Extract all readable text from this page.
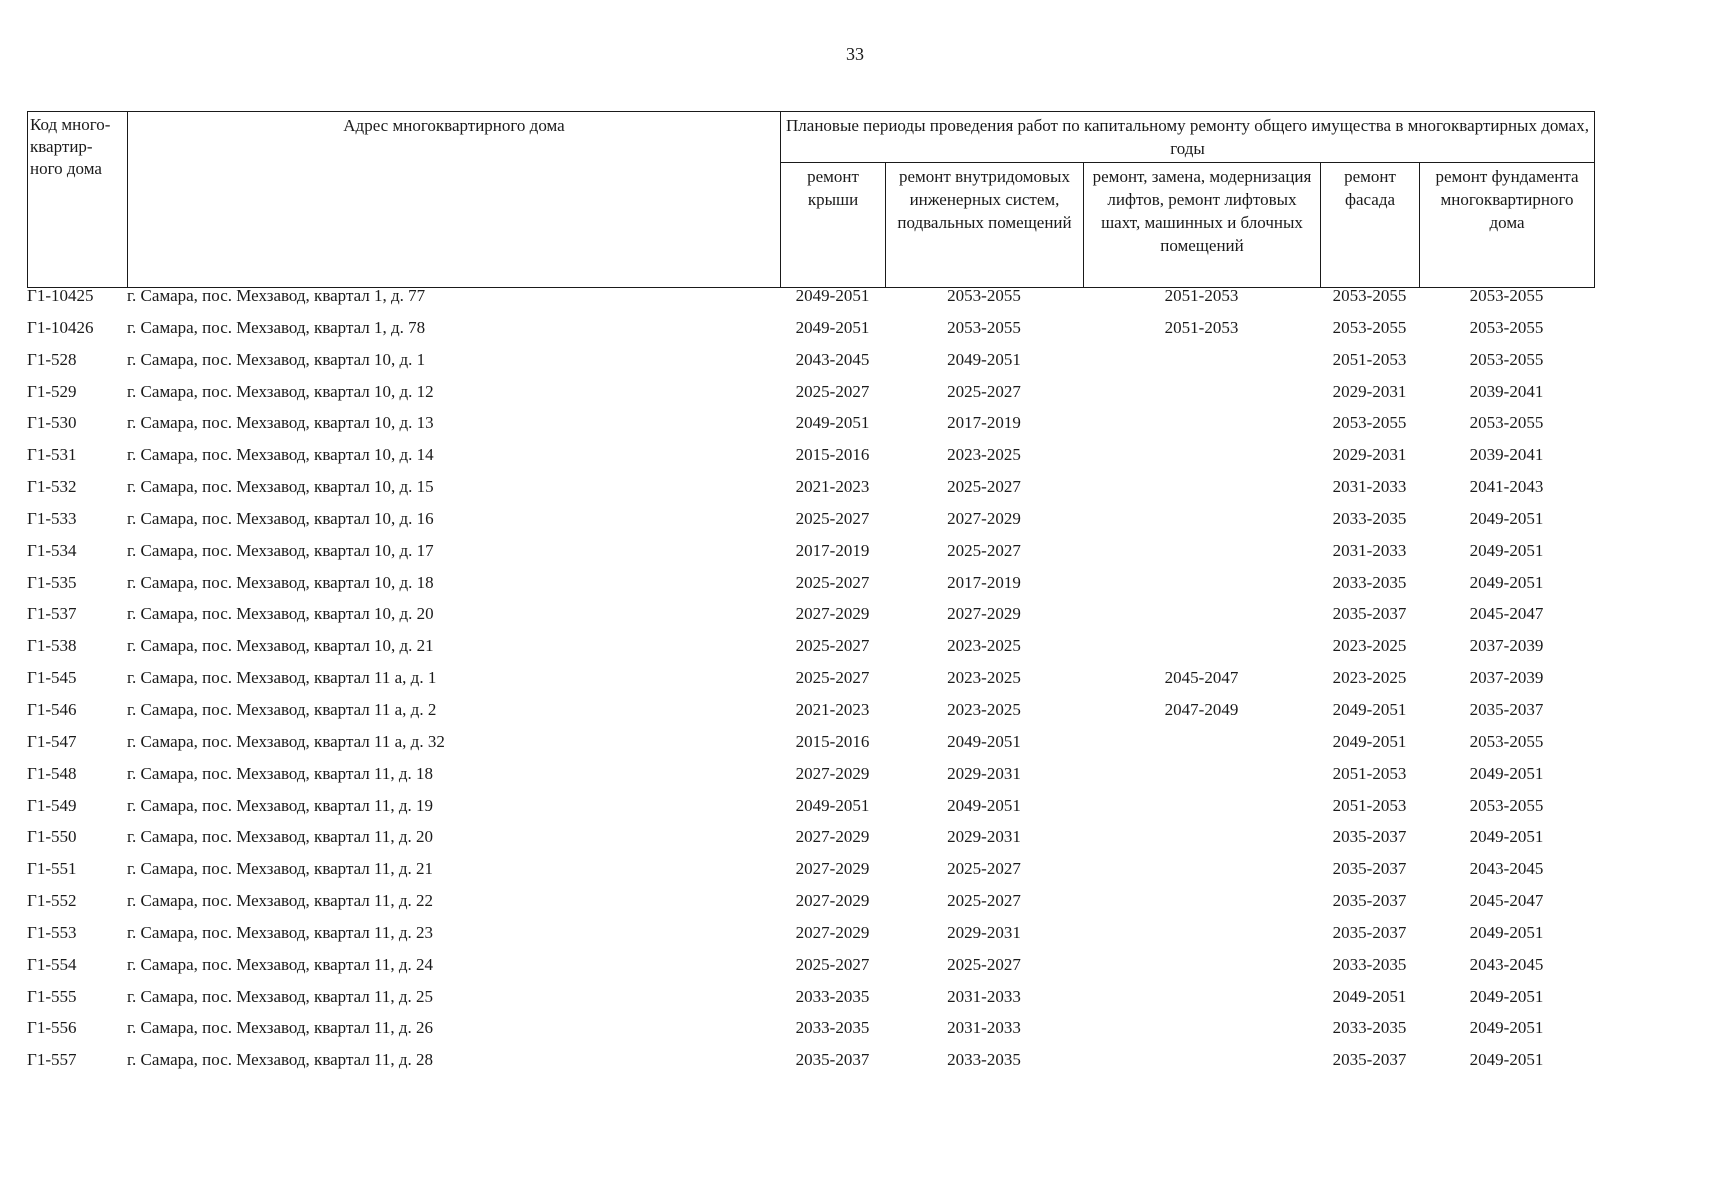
33
Код много-квартир-ного дома	Адрес многоквартирного дома	Плановые периоды проведения работ по капитальному ремонту общего имущества в многоквартирных домах, годы				
		ремонт крыши	ремонт внутридомовых инженерных систем, подвальных помещений	ремонт, замена, модернизация лифтов, ремонт лифтовых шахт, машинных и блочных помещений	ремонт фасада	ремонт фундамента многоквартирного дома
Г1-10425	г. Самара, пос. Мехзавод, квартал 1, д. 77	2049-2051	2053-2055	2051-2053	2053-2055	2053-2055
Г1-10426	г. Самара, пос. Мехзавод, квартал 1, д. 78	2049-2051	2053-2055	2051-2053	2053-2055	2053-2055
Г1-528	г. Самара, пос. Мехзавод, квартал 10, д. 1	2043-2045	2049-2051		2051-2053	2053-2055
Г1-529	г. Самара, пос. Мехзавод, квартал 10, д. 12	2025-2027	2025-2027		2029-2031	2039-2041
Г1-530	г. Самара, пос. Мехзавод, квартал 10, д. 13	2049-2051	2017-2019		2053-2055	2053-2055
Г1-531	г. Самара, пос. Мехзавод, квартал 10, д. 14	2015-2016	2023-2025		2029-2031	2039-2041
Г1-532	г. Самара, пос. Мехзавод, квартал 10, д. 15	2021-2023	2025-2027		2031-2033	2041-2043
Г1-533	г. Самара, пос. Мехзавод, квартал 10, д. 16	2025-2027	2027-2029		2033-2035	2049-2051
Г1-534	г. Самара, пос. Мехзавод, квартал 10, д. 17	2017-2019	2025-2027		2031-2033	2049-2051
Г1-535	г. Самара, пос. Мехзавод, квартал 10, д. 18	2025-2027	2017-2019		2033-2035	2049-2051
Г1-537	г. Самара, пос. Мехзавод, квартал 10, д. 20	2027-2029	2027-2029		2035-2037	2045-2047
Г1-538	г. Самара, пос. Мехзавод, квартал 10, д. 21	2025-2027	2023-2025		2023-2025	2037-2039
Г1-545	г. Самара, пос. Мехзавод, квартал 11 а, д. 1	2025-2027	2023-2025	2045-2047	2023-2025	2037-2039
Г1-546	г. Самара, пос. Мехзавод, квартал 11 а, д. 2	2021-2023	2023-2025	2047-2049	2049-2051	2035-2037
Г1-547	г. Самара, пос. Мехзавод, квартал 11 а, д. 32	2015-2016	2049-2051		2049-2051	2053-2055
Г1-548	г. Самара, пос. Мехзавод, квартал 11, д. 18	2027-2029	2029-2031		2051-2053	2049-2051
Г1-549	г. Самара, пос. Мехзавод, квартал 11, д. 19	2049-2051	2049-2051		2051-2053	2053-2055
Г1-550	г. Самара, пос. Мехзавод, квартал 11, д. 20	2027-2029	2029-2031		2035-2037	2049-2051
Г1-551	г. Самара, пос. Мехзавод, квартал 11, д. 21	2027-2029	2025-2027		2035-2037	2043-2045
Г1-552	г. Самара, пос. Мехзавод, квартал 11, д. 22	2027-2029	2025-2027		2035-2037	2045-2047
Г1-553	г. Самара, пос. Мехзавод, квартал 11, д. 23	2027-2029	2029-2031		2035-2037	2049-2051
Г1-554	г. Самара, пос. Мехзавод, квартал 11, д. 24	2025-2027	2025-2027		2033-2035	2043-2045
Г1-555	г. Самара, пос. Мехзавод, квартал 11, д. 25	2033-2035	2031-2033		2049-2051	2049-2051
Г1-556	г. Самара, пос. Мехзавод, квартал 11, д. 26	2033-2035	2031-2033		2033-2035	2049-2051
Г1-557	г. Самара, пос. Мехзавод, квартал 11, д. 28	2035-2037	2033-2035		2035-2037	2049-2051
